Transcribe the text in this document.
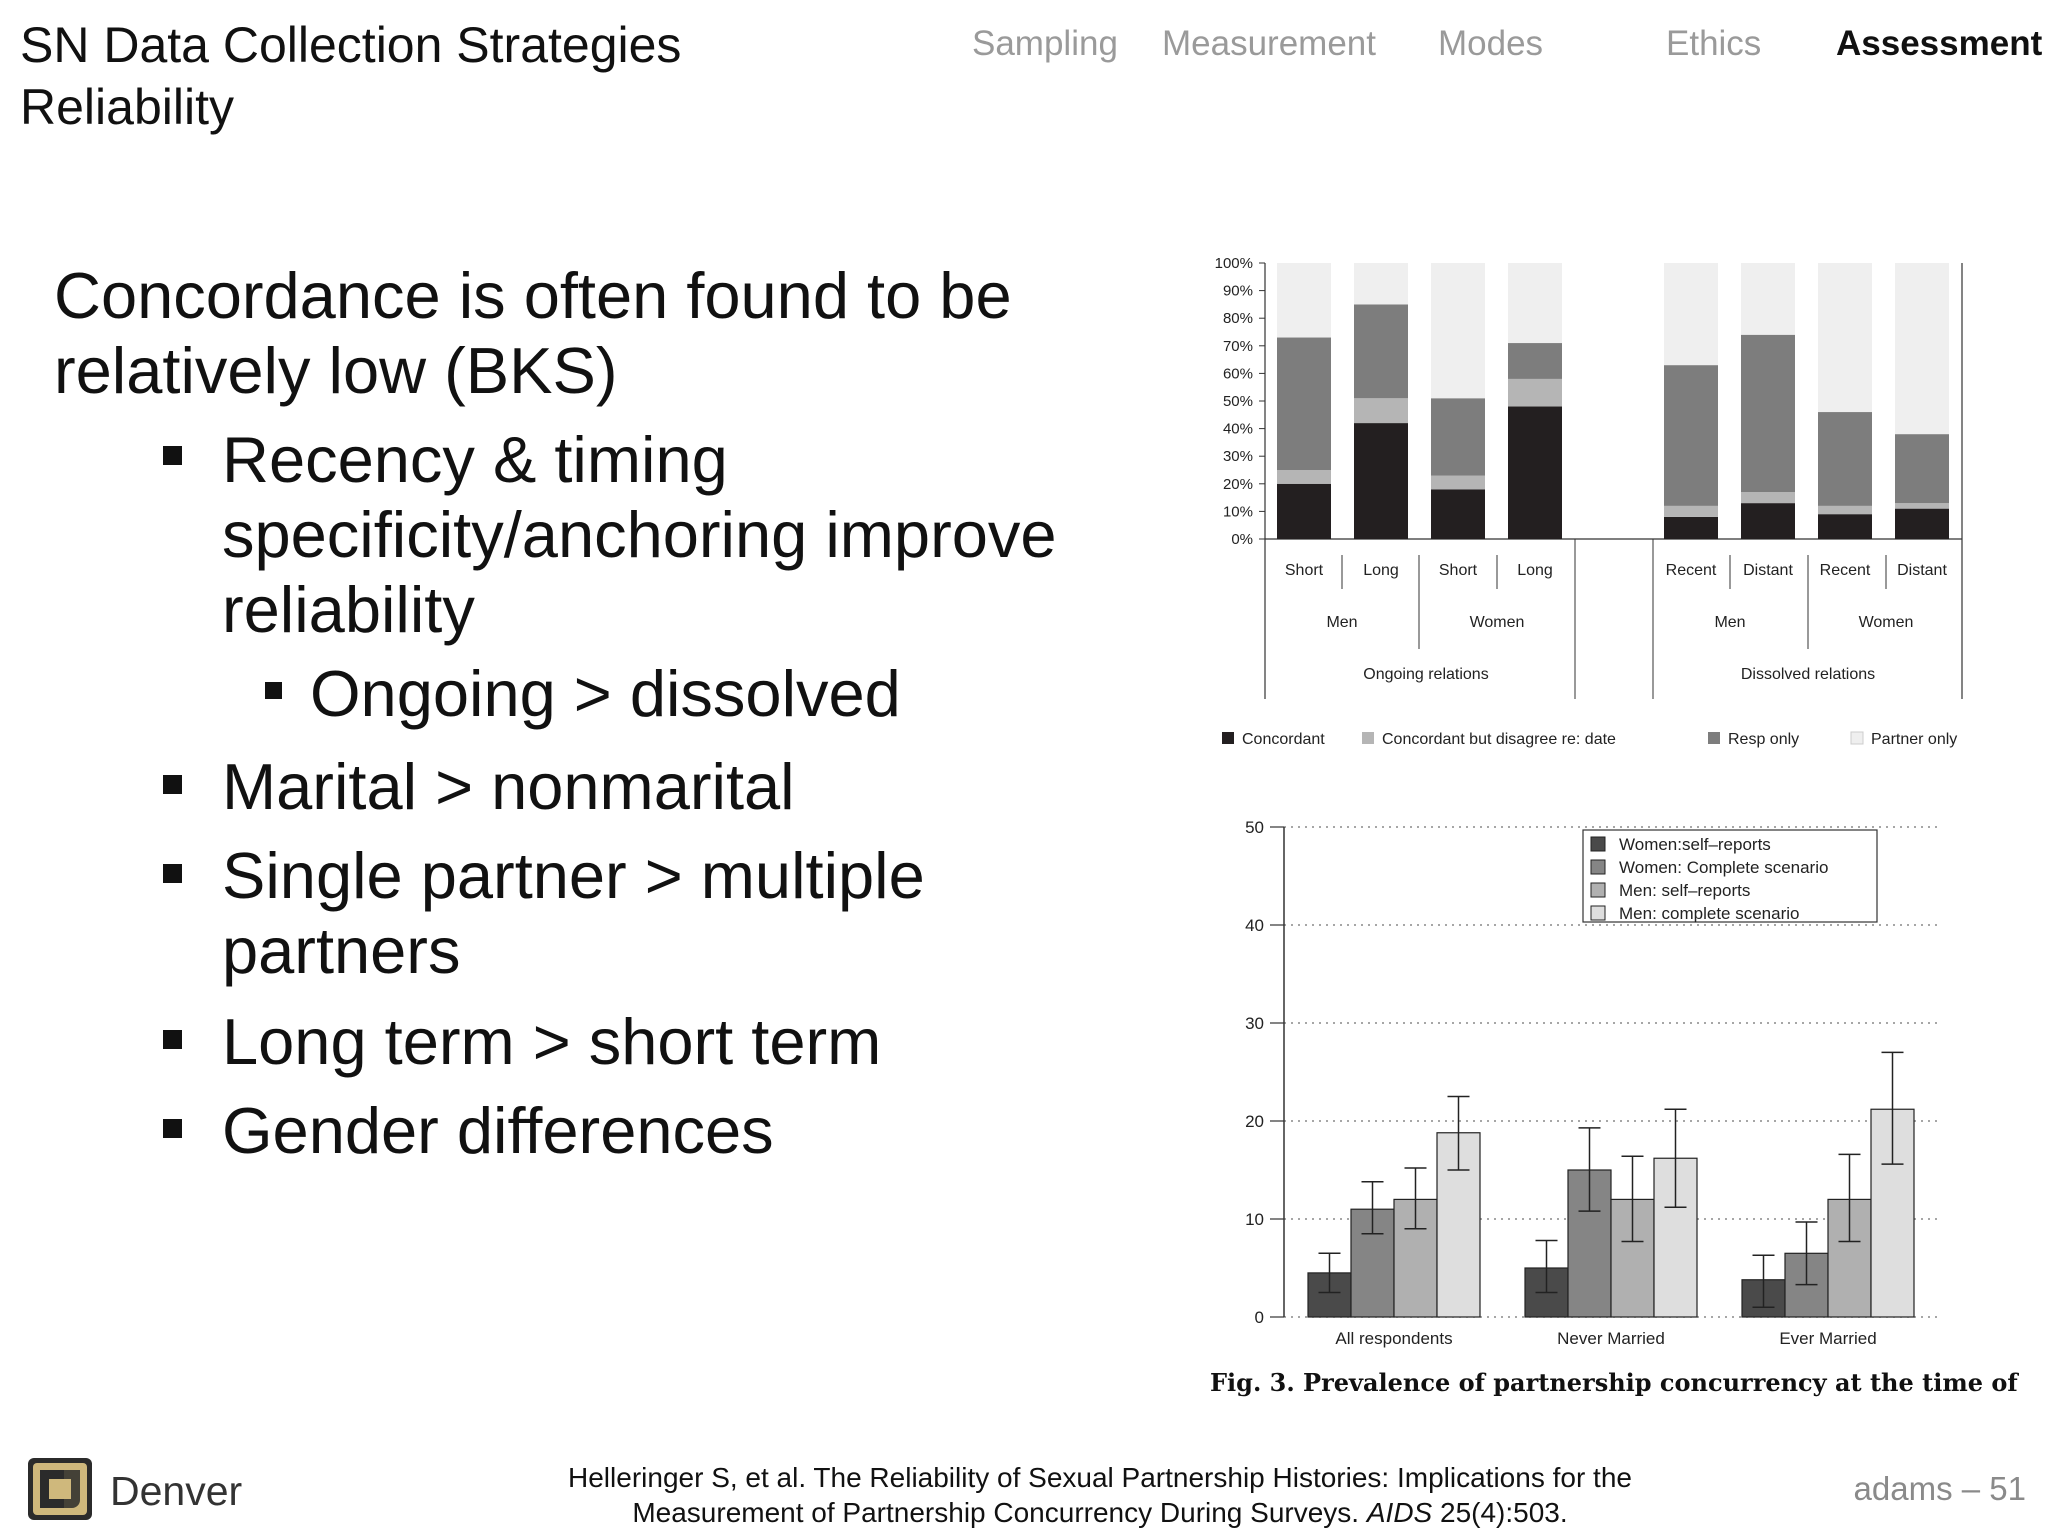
SN Data Collection Strategies
Reliability
Sampling Measurement Modes	Ethics Assessment
Concordance is often found to be
relatively low (BKS)
Recency & timing
specificity/anchoring improve
reliability
Ongoing > dissolved
Marital > nonmarital
Single partner > multiple
partners
Long term > short term
Gender differences
0%
10%
20%
30%
40%
50%
60%
70%
80%
90%
100%
Short	Long	Short	Long	Recent Distant Recent Distant
Men	Women	Men	Women
Ongoing relations	Dissolved relations
Concordant	Concordant but disagree re: date	Resp only	Partner only
0
10
20
30
40
50
All respondents	Never Married	Ever Married
Women:self–reports
Women: Complete scenario
Men: self–reports
Men: complete scenario
Fig. 3. Prevalence of partnership concurrency at the time of
Denver	Helleringer S, et al. The Reliability of Sexual Partnership Histories: Implications for the
Measurement of Partnership Concurrency During Surveys. AIDS 25(4):503.
adams – 51
